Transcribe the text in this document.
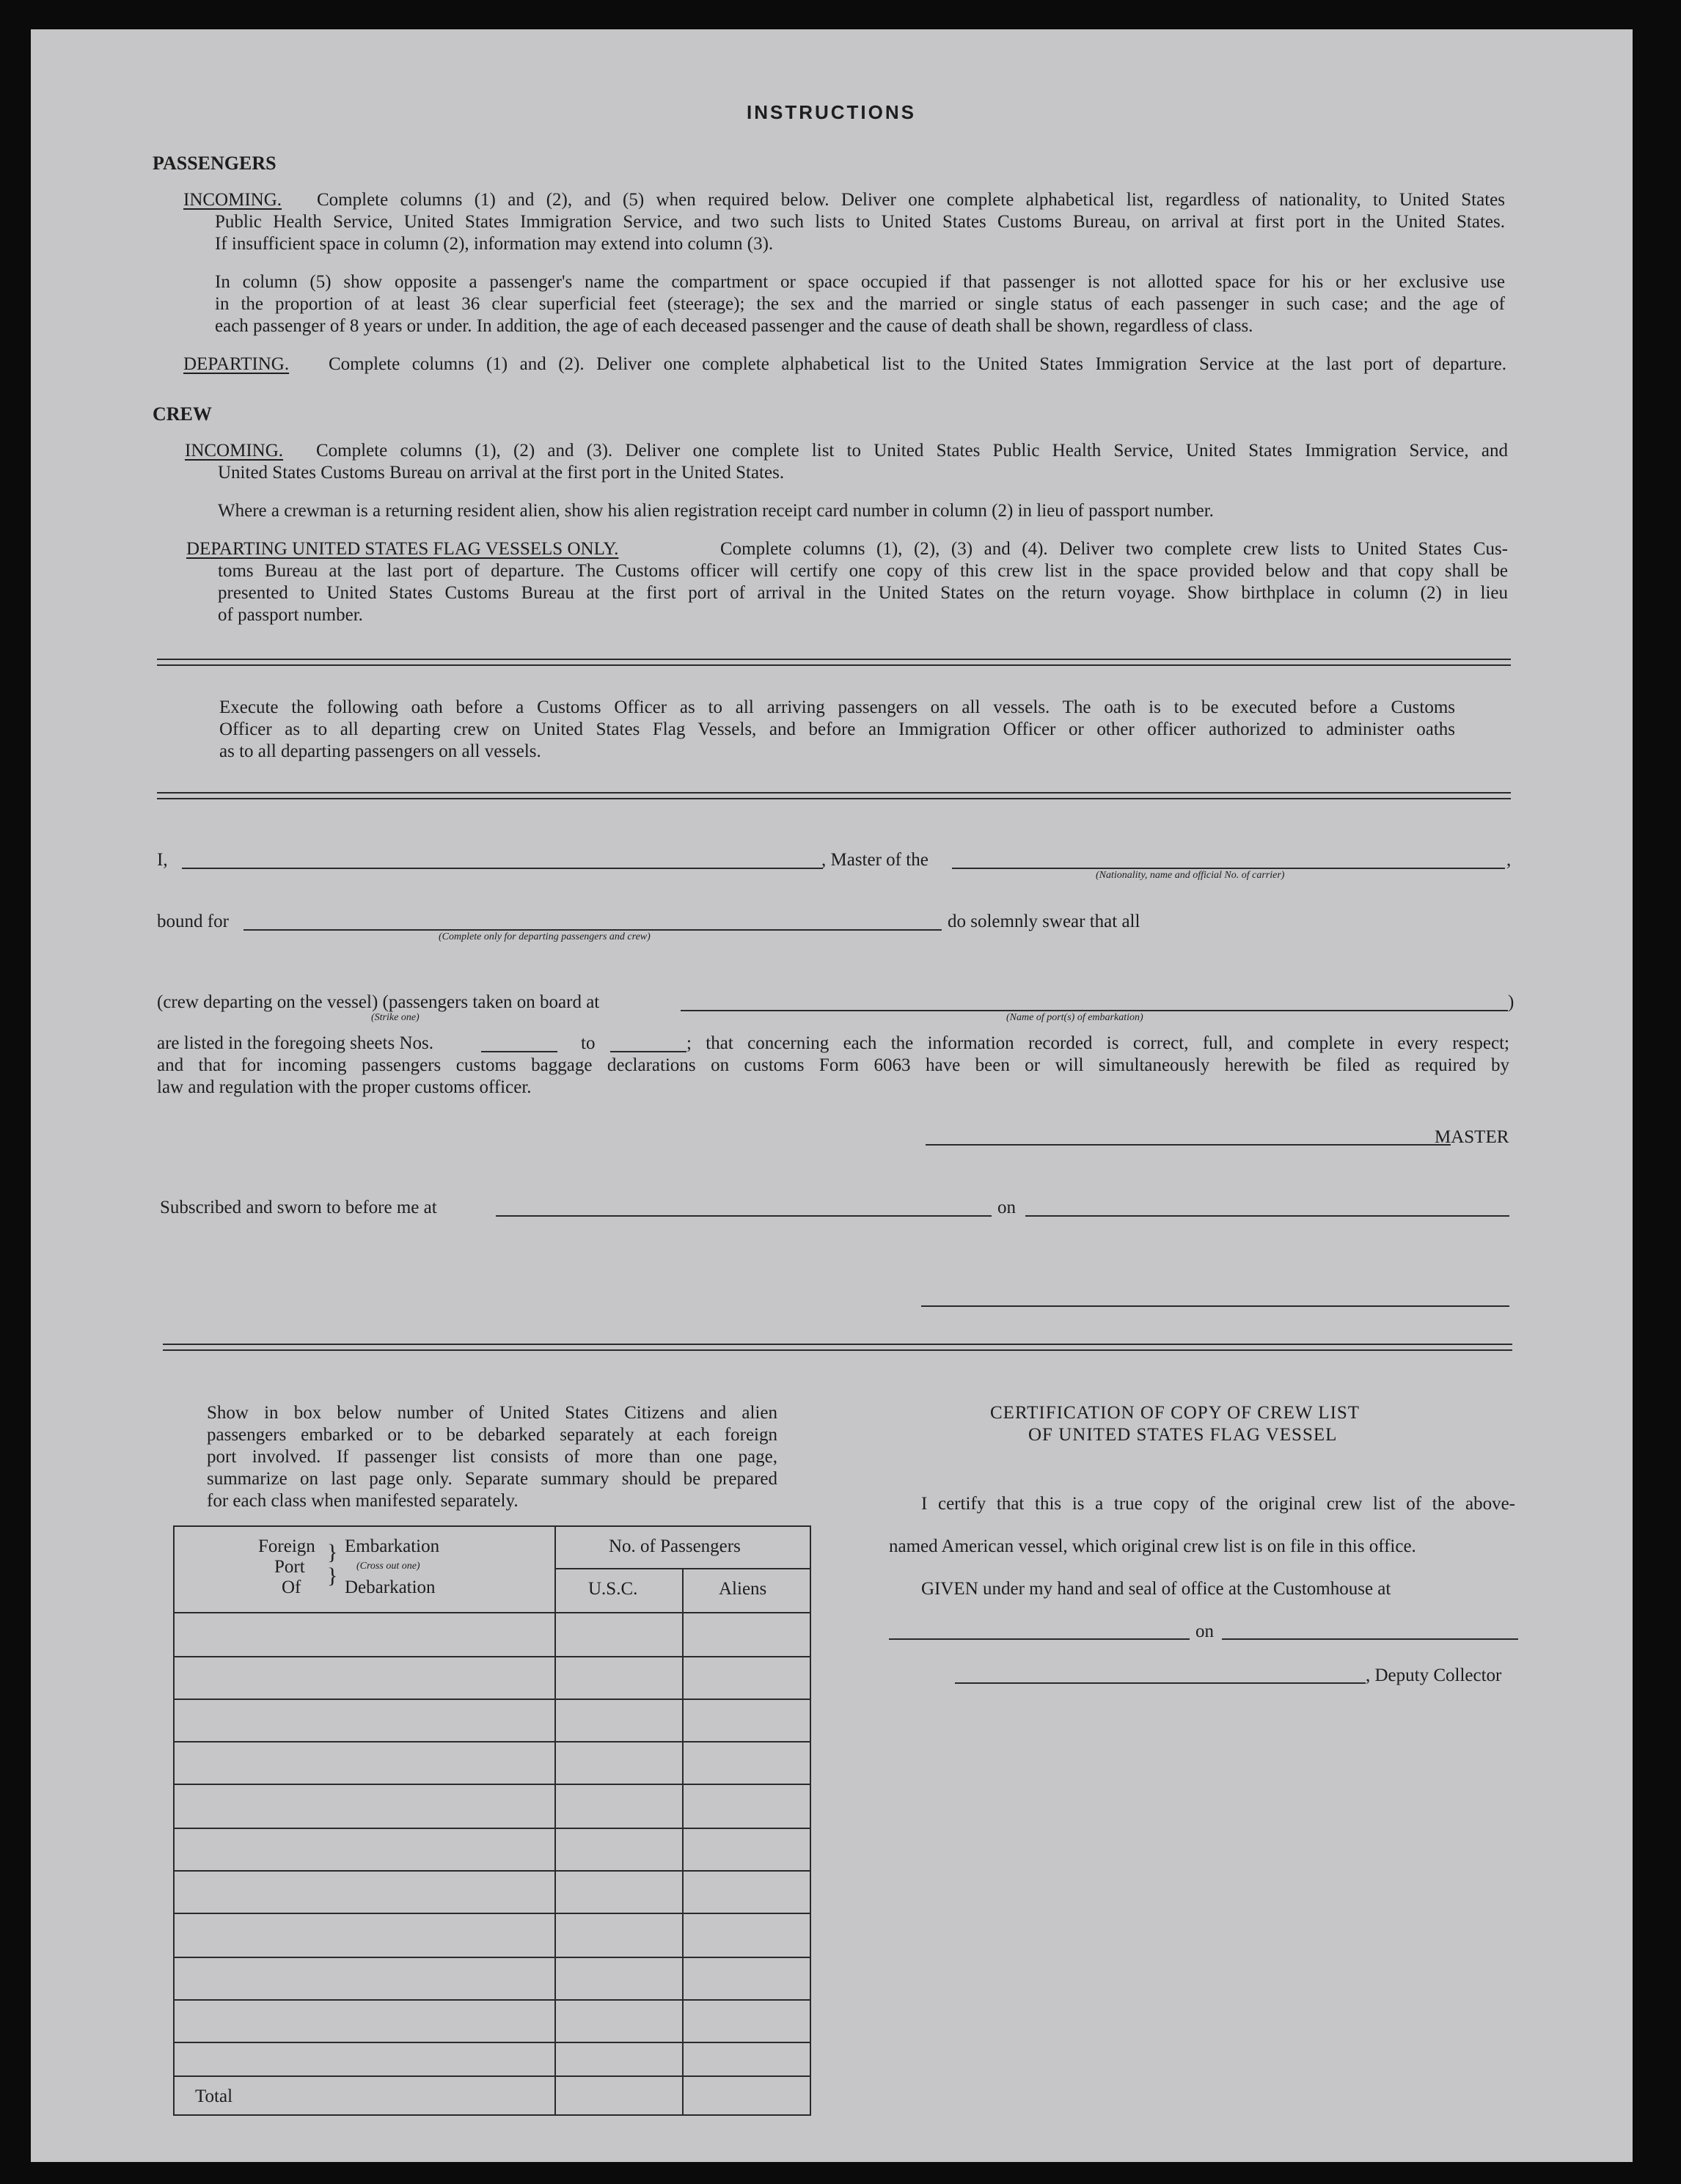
INSTRUCTIONS
PASSENGERS
INCOMING. Complete columns (1) and (2), and (5) when required below. Deliver one complete alphabetical list, regardless of nationality, to United States
Public Health Service, United States Immigration Service, and two such lists to United States Customs Bureau, on arrival at first port in the United States.
If insufficient space in column (2), information may extend into column (3).
In column (5) show opposite a passenger's name the compartment or space occupied if that passenger is not allotted space for his or her exclusive use
in the proportion of at least 36 clear superficial feet (steerage); the sex and the married or single status of each passenger in such case; and the age of
each passenger of 8 years or under. In addition, the age of each deceased passenger and the cause of death shall be shown, regardless of class.
DEPARTING. Complete columns (1) and (2). Deliver one complete alphabetical list to the United States Immigration Service at the last port of departure.
CREW
INCOMING. Complete columns (1), (2) and (3). Deliver one complete list to United States Public Health Service, United States Immigration Service, and
United States Customs Bureau on arrival at the first port in the United States.
Where a crewman is a returning resident alien, show his alien registration receipt card number in column (2) in lieu of passport number.
DEPARTING UNITED STATES FLAG VESSELS ONLY.	Complete columns (1), (2), (3) and (4). Deliver two complete crew lists to United States Cus-
toms Bureau at the last port of departure. The Customs officer will certify one copy of this crew list in the space provided below and that copy shall be
presented to United States Customs Bureau at the first port of arrival in the United States on the return voyage. Show birthplace in column (2) in lieu
of passport number.
Execute the following oath before a Customs Officer as to all arriving passengers on all vessels. The oath is to be executed before a Customs
Officer as to all departing crew on United States Flag Vessels, and before an Immigration Officer or other officer authorized to administer oaths
as to all departing passengers on all vessels.
I,	, Master of the	,
(Nationality, name and official No. of carrier)
bound for	do solemnly swear that all
(Complete only for departing passengers and crew)
(crew departing on the vessel) (passengers taken on board at	)
(Strike one)	(Name of port(s) of embarkation)
are listed in the foregoing sheets Nos.	to	; that concerning each the information recorded is correct, full, and complete in every respect;
and that for incoming passengers customs baggage declarations on customs Form 6063 have been or will simultaneously herewith be filed as required by
law and regulation with the proper customs officer.
MASTER
Subscribed and sworn to before me at	on
Show in box below number of United States Citizens and alien
passengers embarked or to be debarked separately at each foreign
port involved. If passenger list consists of more than one page,
summarize on last page only. Separate summary should be prepared
for each class when manifested separately.
Foreign
Port
Of
}
}
Embarkation
(Cross out one)
Debarkation
No. of Passengers
U.S.C.	Aliens
Total
CERTIFICATION OF COPY OF CREW LIST
OF UNITED STATES FLAG VESSEL
I certify that this is a true copy of the original crew list of the above-
named American vessel, which original crew list is on file in this office.
GIVEN under my hand and seal of office at the Customhouse at
on
, Deputy Collector
